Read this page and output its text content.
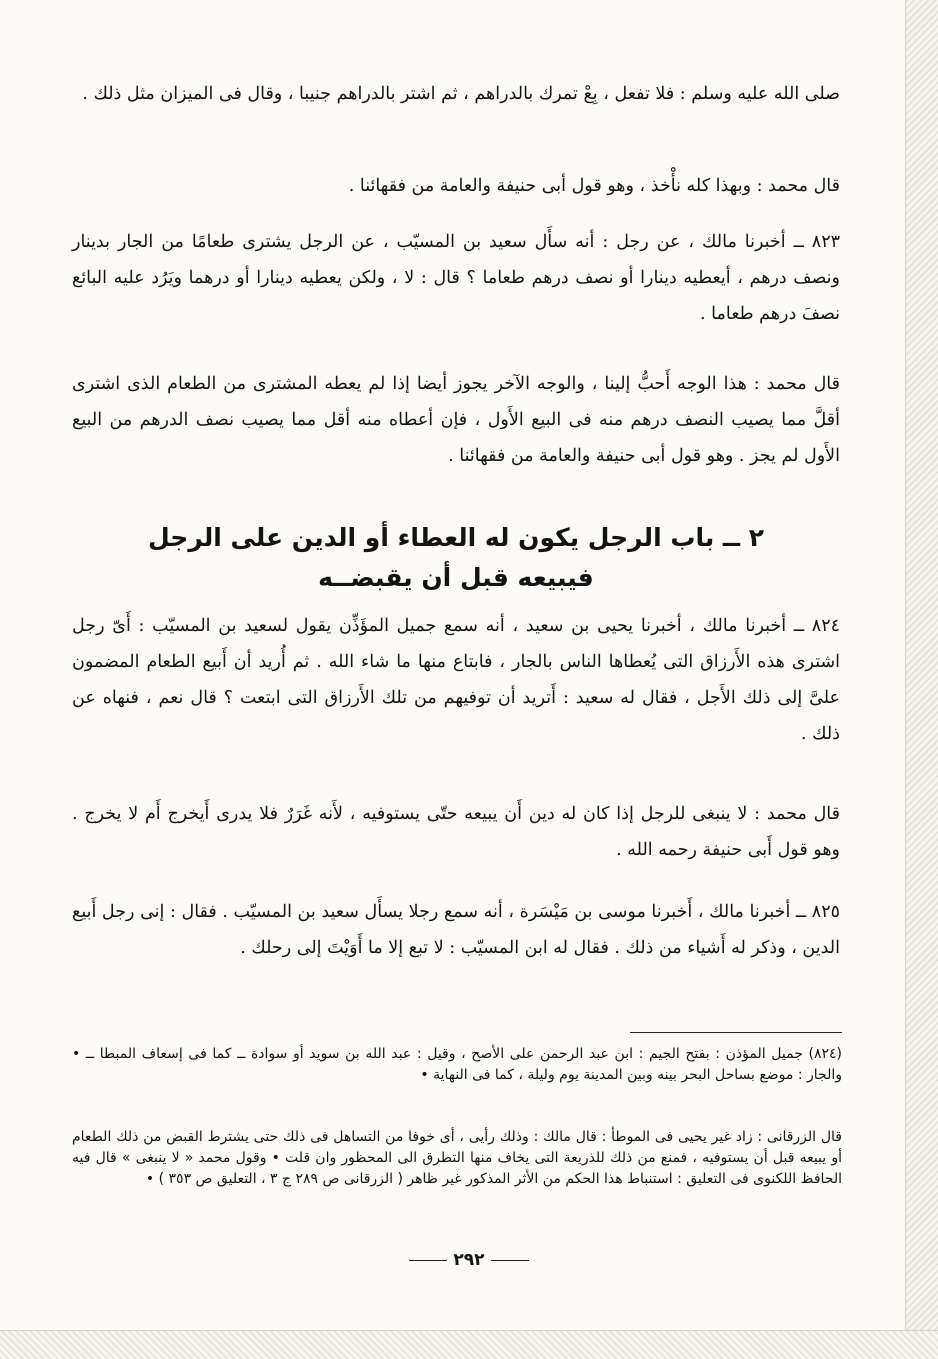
صلى الله عليه وسلم : فلا تفعل ، بِعْ تمرك بالدراهم ، ثم اشتر بالدراهم جنيبا ، وقال فى الميزان مثل ذلك .

قال محمد : وبهذا كله نأْخذ ، وهو قول أبى حنيفة والعامة من فقهائنا .

٨٢٣ ــ أخبرنا مالك ، عن رجل : أنه سأَل سعيد بن المسيّب ، عن الرجل يشترى طعامًا من الجار بدينار ونصف درهم ، أيعطيه دينارا أو نصف درهم طعاما ؟ قال : لا ، ولكن يعطيه دينارا أو درهما ويَرُد عليه البائع نصفَ درهم طعاما .

قال محمد : هذا الوجه أَحبُّ إلينا ، والوجه الآخر يجوز أيضا إذا لم يعطه المشترى من الطعام الذى اشترى أقلَّ مما يصيب النصف درهم منه فى البيع الأَول ، فإن أعطاه منه أقل مما يصيب نصف الدرهم من البيع الأَول لم يجز . وهو قول أبى حنيفة والعامة من فقهائنا .

٢ ــ باب الرجل يكون له العطاء أو الدين على الرجل
فيبيعه قبل أن يقبضــه

٨٢٤ ــ أخبرنا مالك ، أخبرنا يحيى بن سعيد ، أنه سمع جميل المؤَذِّن يقول لسعيد بن المسيّب : أَىّ رجل اشترى هذه الأَرزاق التى يُعطاها الناس بالجار ، فابتاع منها ما شاء الله . ثم أُريد أن أَبيع الطعام المضمون علىَّ إلى ذلك الأَجل ، فقال له سعيد : أَتريد أن توفيهم من تلك الأَرزاق التى ابتعت ؟ قال نعم ، فنهاه عن ذلك .

قال محمد : لا ينبغى للرجل إذا كان له دين أَن يبيعه حتّى يستوفيه ، لأَنه غَرَرٌ فلا يدرى أَيخرج أَم لا يخرج . وهو قول أَبى حنيفة رحمه الله .

٨٢٥ ــ أخبرنا مالك ، أَخبرنا موسى بن مَيْسَرة ، أنه سمع رجلا يسأَل سعيد بن المسيّب . فقال : إنى رجل أَبيع الدين ، وذكر له أَشياء من ذلك . فقال له ابن المسيّب : لا تبع إلا ما أَوَيْتَ إلى رحلك .

(٨٢٤) جميل المؤذن : بفتح الجيم : ابن عبد الرحمن على الأصح ، وقيل : عبد الله بن سويد أو سوادة ــ كما فى إسعاف المبطا ــ • والجار : موضع بساحل البحر بينه وبين المدينة يوم وليلة ، كما فى النهاية •

قال الزرقانى : زاد غير يحيى فى الموطأ : قال مالك : وذلك رأيى ، أى خوفا من التساهل فى ذلك حتى يشترط القبض من ذلك الطعام أو يبيعه قبل أن يستوفيه ، فمنع من ذلك للذريعة التى يخاف منها التطرق الى المحظور وان قلت • وقول محمد « لا ينبغى » قال فيه الحافظ اللكنوى فى التعليق : استنباط هذا الحكم من الأثر المذكور غير ظاهر ( الزرقانى ص ٢٨٩ ج ٣ ، التعليق ص ٣٥٣ ) •

٢٩٢
